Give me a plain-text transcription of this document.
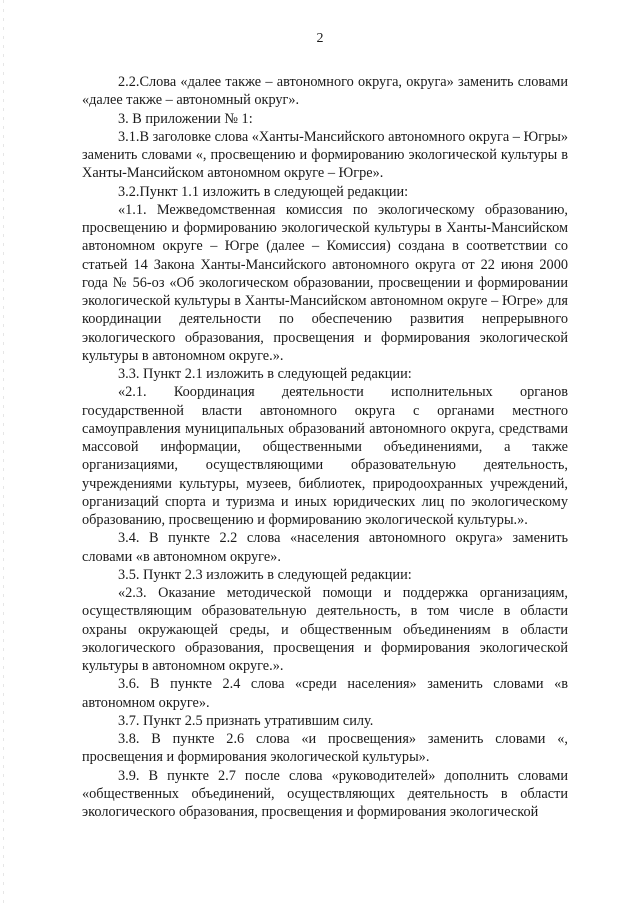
2

2.2.Слова «далее также – автономного округа, округа» заменить словами «далее также – автономный округ».

3. В приложении № 1:

3.1.В заголовке слова «Ханты-Мансийского автономного округа – Югры» заменить словами «, просвещению и формированию экологической культуры в Ханты-Мансийском автономном округе – Югре».

3.2.Пункт 1.1 изложить в следующей редакции:

«1.1. Межведомственная комиссия по экологическому образованию, просвещению и формированию экологической культуры в Ханты-Мансийском автономном округе – Югре (далее – Комиссия) создана в соответствии со статьей 14 Закона Ханты-Мансийского автономного округа от 22 июня 2000 года № 56-оз «Об экологическом образовании, просвещении и формировании экологической культуры в Ханты-Мансийском автономном округе – Югре» для координации деятельности по обеспечению развития непрерывного экологического образования, просвещения и формирования экологической культуры в автономном округе.».

3.3. Пункт 2.1 изложить в следующей редакции:

«2.1. Координация деятельности исполнительных органов государственной власти автономного округа с органами местного самоуправления муниципальных образований автономного округа, средствами массовой информации, общественными объединениями, а также организациями, осуществляющими образовательную деятельность, учреждениями культуры, музеев, библиотек, природоохранных учреждений, организаций спорта и туризма и иных юридических лиц по экологическому образованию, просвещению и формированию экологической культуры.».

3.4. В пункте 2.2 слова «населения автономного округа» заменить словами «в автономном округе».

3.5. Пункт 2.3 изложить в следующей редакции:

«2.3. Оказание методической помощи и поддержка организациям, осуществляющим образовательную деятельность, в том числе в области охраны окружающей среды, и общественным объединениям в области экологического образования, просвещения и формирования экологической культуры в автономном округе.».

3.6. В пункте 2.4 слова «среди населения» заменить словами «в автономном округе».

3.7. Пункт 2.5 признать утратившим силу.

3.8. В пункте 2.6 слова «и просвещения» заменить словами «, просвещения и формирования экологической культуры».

3.9. В пункте 2.7 после слова «руководителей» дополнить словами «общественных объединений, осуществляющих деятельность в области экологического образования, просвещения и формирования экологической
